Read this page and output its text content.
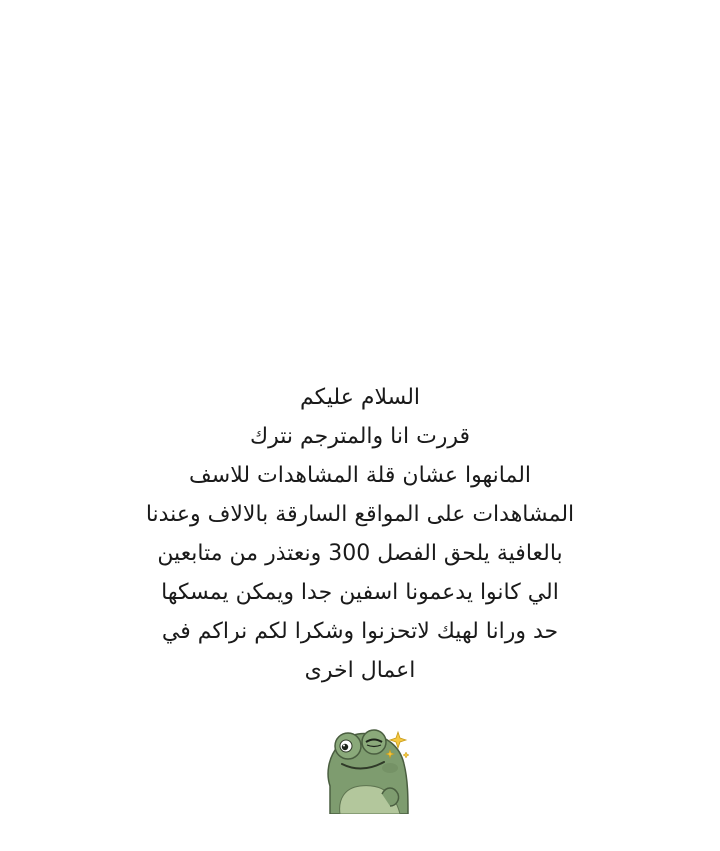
السلام عليكم
قررت انا والمترجم نترك
المانهوا عشان قلة المشاهدات للاسف
المشاهدات على المواقع السارقة بالالاف وعندنا
بالعافية يلحق الفصل 300 ونعتذر من متابعين
الي كانوا يدعمونا اسفين جدا ويمكن يمسكها
حد ورانا لهيك لاتحزنوا وشكرا لكم نراكم في
اعمال اخرى
